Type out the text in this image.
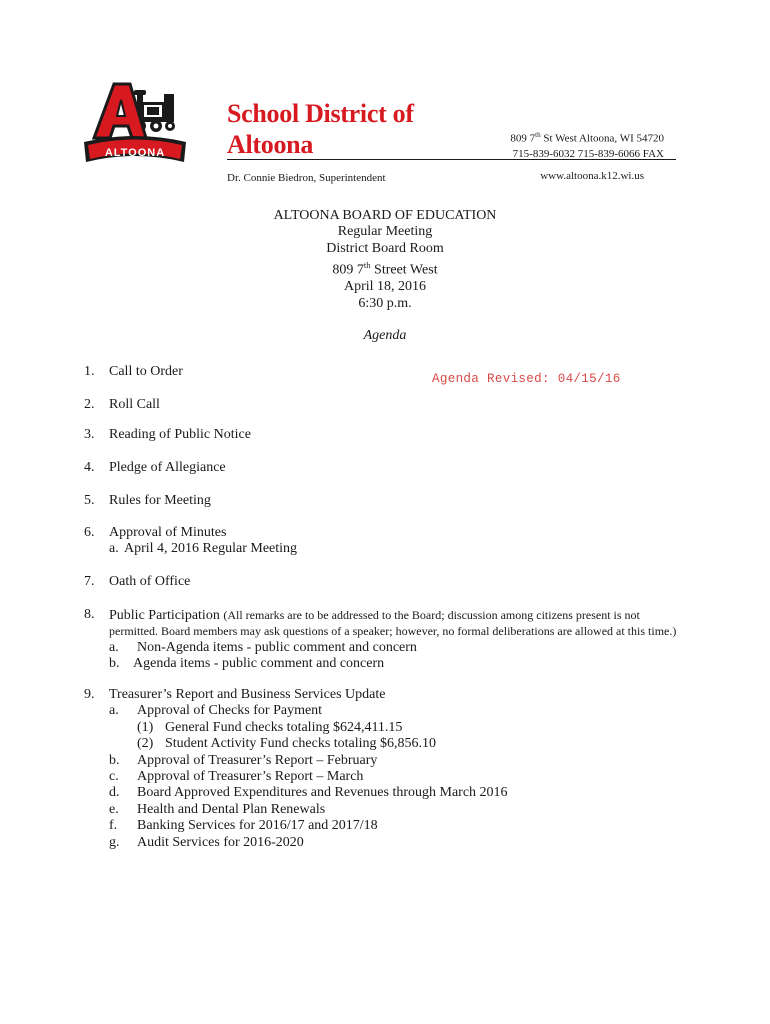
ALTOONA
School District of
Altoona	809 7th St West Altoona, WI 54720
715-839-6032 715-839-6066 FAX
Dr. Connie Biedron, Superintendent	www.altoona.k12.wi.us
ALTOONA BOARD OF EDUCATION
Regular Meeting
District Board Room
809 7th Street West
April 18, 2016
6:30 p.m.
Agenda
Agenda Revised: 04/15/16
1. Call to Order
2. Roll Call
3. Reading of Public Notice
4. Pledge of Allegiance
5. Rules for Meeting
6. Approval of Minutes
a. April 4, 2016 Regular Meeting
7. Oath of Office
8. Public Participation (All remarks are to be addressed to the Board; discussion among citizens present is not
permitted. Board members may ask questions of a speaker; however, no formal deliberations are allowed at this time.)
a. Non-Agenda items - public comment and concern
b. Agenda items - public comment and concern
9. Treasurer’s Report and Business Services Update
a. Approval of Checks for Payment
(1) General Fund checks totaling $624,411.15
(2) Student Activity Fund checks totaling $6,856.10
b. Approval of Treasurer’s Report – February
c. Approval of Treasurer’s Report – March
d. Board Approved Expenditures and Revenues through March 2016
e. Health and Dental Plan Renewals
f. Banking Services for 2016/17 and 2017/18
g. Audit Services for 2016-2020
